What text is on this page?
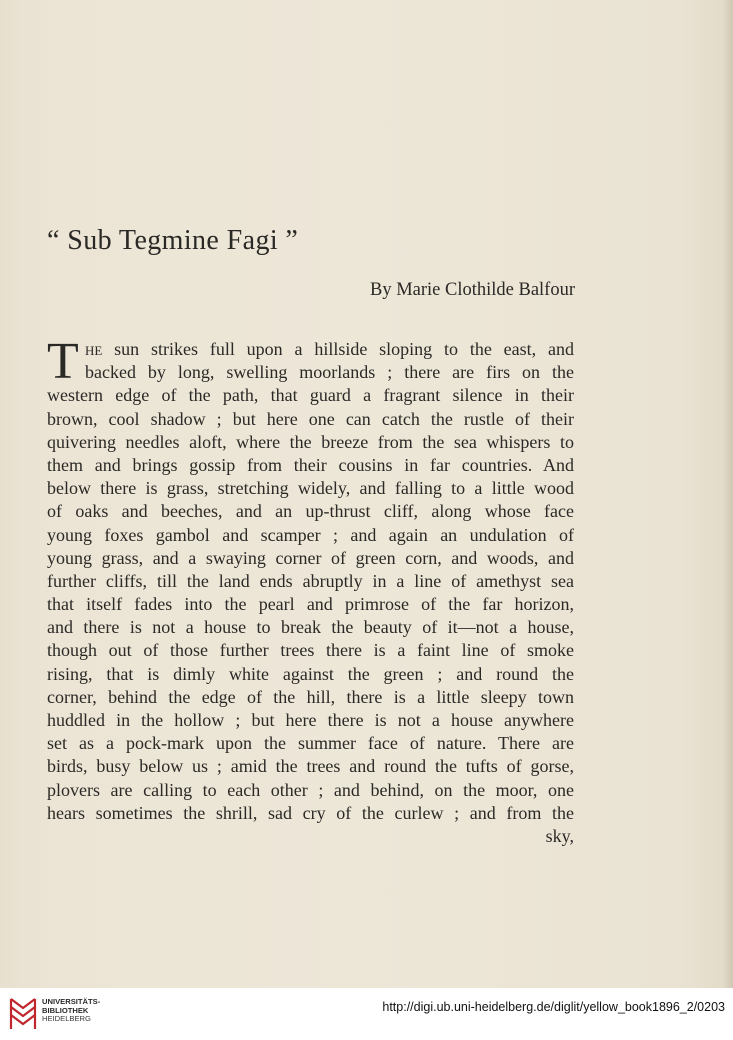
“ Sub Tegmine Fagi ”
By Marie Clothilde Balfour
T he sun strikes full upon a hillside sloping to the east, and
backed by long, swelling moorlands ; there are firs on the
western edge of the path, that guard a fragrant silence in their
brown, cool shadow ; but here one can catch the rustle of their
quivering needles aloft, where the breeze from the sea whispers to
them and brings gossip from their cousins in far countries. And
below there is grass, stretching widely, and falling to a little wood
of oaks and beeches, and an up-thrust cliff, along whose face
young foxes gambol and scamper ; and again an undulation of
young grass, and a swaying corner of green corn, and woods, and
further cliffs, till the land ends abruptly in a line of amethyst sea
that itself fades into the pearl and primrose of the far horizon,
and there is not a house to break the beauty of it—not a house,
though out of those further trees there is a faint line of smoke
rising, that is dimly white against the green ; and round the
corner, behind the edge of the hill, there is a little sleepy town
huddled in the hollow ; but here there is not a house anywhere
set as a pock-mark upon the summer face of nature. There are
birds, busy below us ; amid the trees and round the tufts of gorse,
plovers are calling to each other ; and behind, on the moor, one
hears sometimes the shrill, sad cry of the curlew ; and from the
sky,
UNIVERSITÄTS-
BIBLIOTHEK
HEIDELBERG
http://digi.ub.uni-heidelberg.de/diglit/yellow_book1896_2/0203
